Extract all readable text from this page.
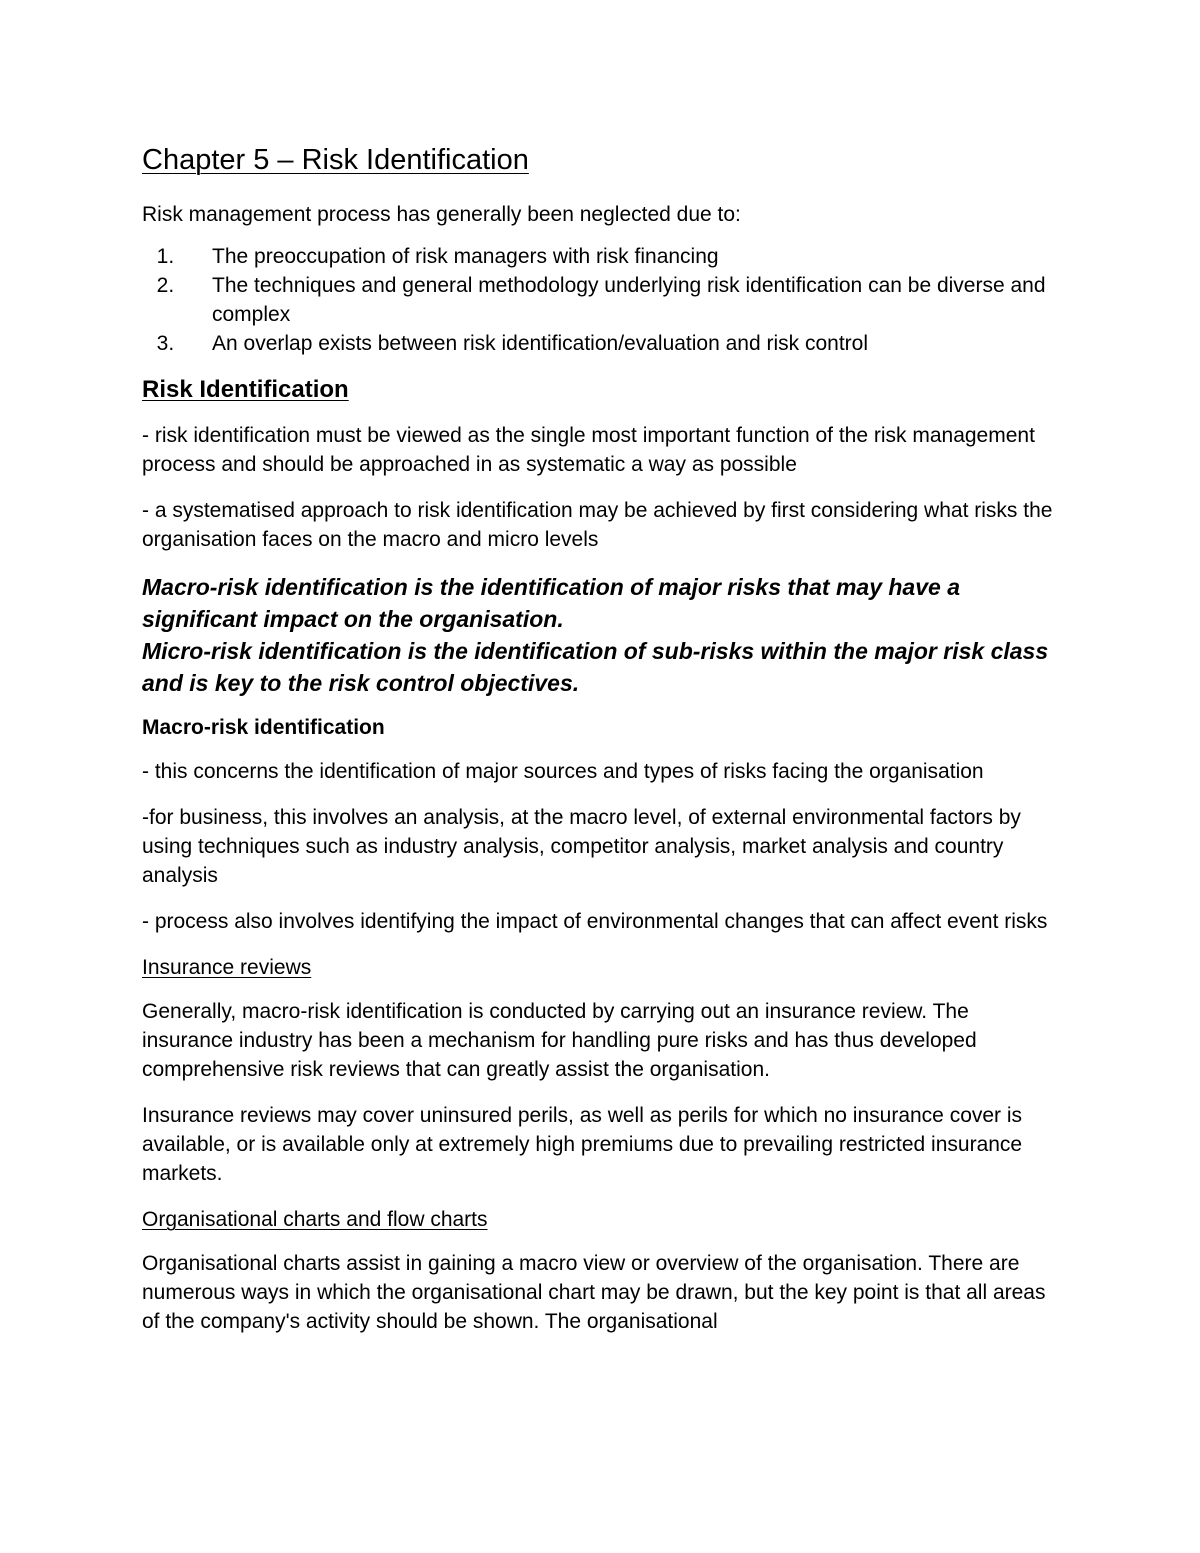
Chapter 5 – Risk Identification

Risk management process has generally been neglected due to:

1. The preoccupation of risk managers with risk financing
2. The techniques and general methodology underlying risk identification can be diverse and complex
3. An overlap exists between risk identification/evaluation and risk control
Risk Identification

- risk identification must be viewed as the single most important function of the risk management process and should be approached in as systematic a way as possible

- a systematised approach to risk identification may be achieved by first considering what risks the organisation faces on the macro and micro levels

Macro-risk identification is the identification of major risks that may have a significant impact on the organisation.
Micro-risk identification is the identification of sub-risks within the major risk class and is key to the risk control objectives.
Macro-risk identification

- this concerns the identification of major sources and types of risks facing the organisation

-for business, this involves an analysis, at the macro level, of external environmental factors by using techniques such as industry analysis, competitor analysis, market analysis and country analysis

- process also involves identifying the impact of environmental changes that can affect event risks

Insurance reviews

Generally, macro-risk identification is conducted by carrying out an insurance review. The insurance industry has been a mechanism for handling pure risks and has thus developed comprehensive risk reviews that can greatly assist the organisation.

Insurance reviews may cover uninsured perils, as well as perils for which no insurance cover is available, or is available only at extremely high premiums due to prevailing restricted insurance markets.

Organisational charts and flow charts

Organisational charts assist in gaining a macro view or overview of the organisation. There are numerous ways in which the organisational chart may be drawn, but the key point is that all areas of the company's activity should be shown. The organisational
